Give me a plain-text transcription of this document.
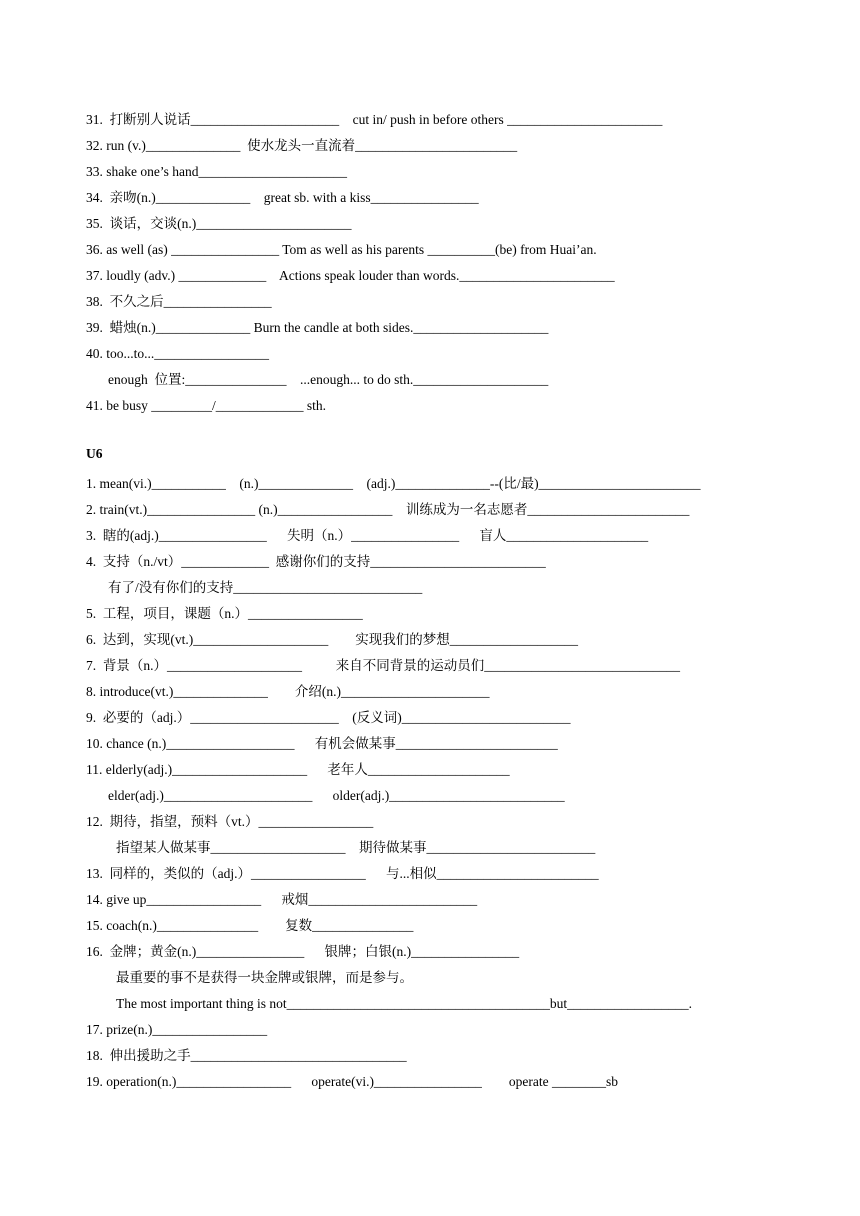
31.  打断别人说话______________________    cut in/ push in before others _______________________
32. run (v.)______________  使水龙头一直流着________________________
33. shake one’s hand______________________
34.  亲吻(n.)______________    great sb. with a kiss________________
35.  谈话，交谈(n.)_______________________
36. as well (as) ________________ Tom as well as his parents __________(be) from Huai’an.
37. loudly (adv.) _____________    Actions speak louder than words._______________________
38.  不久之后________________
39.  蜡烛(n.)______________ Burn the candle at both sides.____________________
40. too...to..._________________
enough  位置:_______________    ...enough... to do sth.____________________
41. be busy _________/_____________ sth.
U6
1. mean(vi.)___________    (n.)______________    (adj.)______________--(比/最)________________________
2. train(vt.)________________ (n.)_________________    训练成为一名志愿者________________________
3.  瞎的(adj.)________________      失明（n.）________________      盲人_____________________
4.  支持（n./vt）_____________  感谢你们的支持__________________________
有了/没有你们的支持____________________________
5.  工程，项目，课题（n.）_________________
6.  达到，实现(vt.)____________________        实现我们的梦想___________________
7.  背景（n.）____________________          来自不同背景的运动员们_____________________________
8. introduce(vt.)______________        介绍(n.)______________________
9.  必要的（adj.）______________________    (反义词)_________________________
10. chance (n.)___________________      有机会做某事________________________
11. elderly(adj.)____________________      老年人_____________________
elder(adj.)______________________      older(adj.)__________________________
12.  期待，指望，预料（vt.）_________________
指望某人做某事____________________    期待做某事_________________________
13.  同样的，类似的（adj.）_________________      与...相似________________________
14. give up_________________      戒烟_________________________
15. coach(n.)_______________        复数_______________
16.  金牌；黄金(n.)________________      银牌；白银(n.)________________
最重要的事不是获得一块金牌或银牌，而是参与。
The most important thing is not_______________________________________but__________________.
17. prize(n.)_________________
18.  伸出援助之手________________________________
19. operation(n.)_________________      operate(vi.)________________        operate ________sb
